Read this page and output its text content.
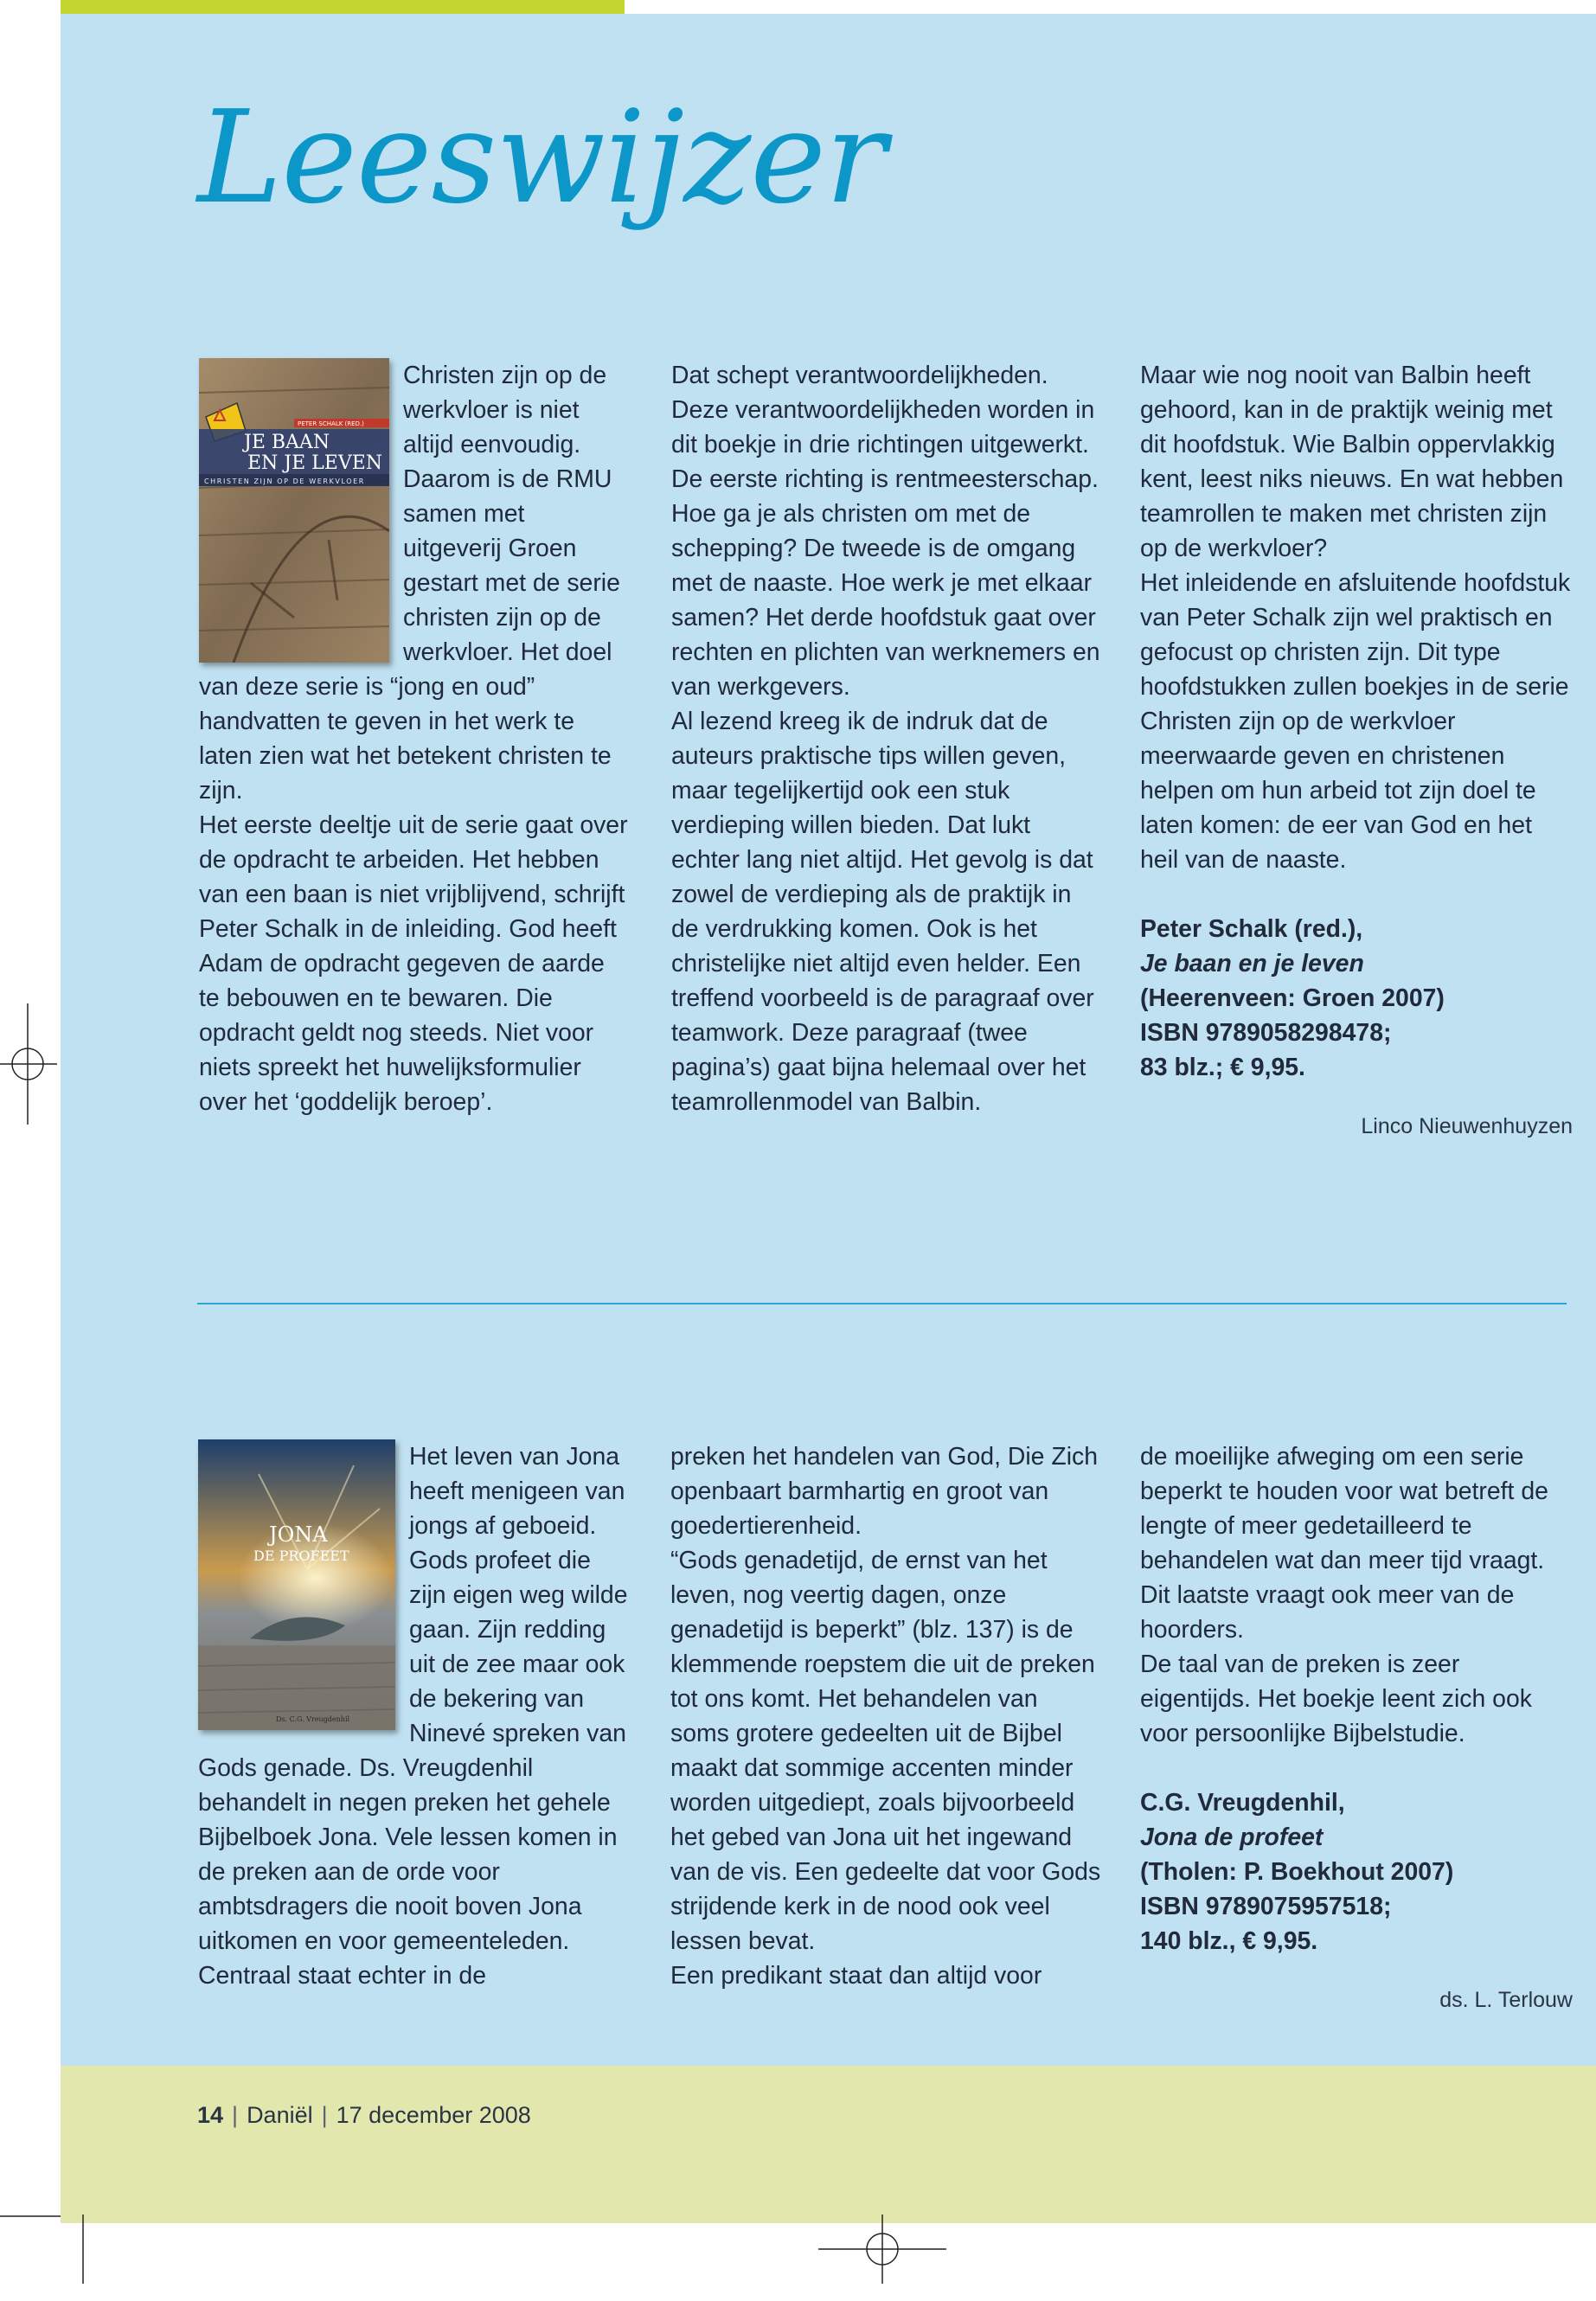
Leeswijzer
PETER SCHALK (RED.)
JE BAAN
EN JE LEVEN
CHRISTEN ZIJN OP DE WERKVLOER

Christen zijn op de werkvloer is niet altijd eenvoudig. Daarom is de RMU samen met uitgeverij Groen gestart met de serie christen zijn op de werkvloer. Het doel van deze serie is “jong en oud” handvatten te geven in het werk te laten zien wat het betekent christen te zijn.

Het eerste deeltje uit de serie gaat over de opdracht te arbeiden. Het hebben van een baan is niet vrijblijvend, schrijft Peter Schalk in de inleiding. God heeft Adam de opdracht gegeven de aarde te bebouwen en te bewaren. Die opdracht geldt nog steeds. Niet voor niets spreekt het huwelijksformulier over het ‘goddelijk beroep’.

Dat schept verantwoordelijkheden. Deze verantwoordelijkheden worden in dit boekje in drie richtingen uitgewerkt. De eerste richting is rentmeesterschap. Hoe ga je als christen om met de schepping? De tweede is de omgang met de naaste. Hoe werk je met elkaar samen? Het derde hoofdstuk gaat over rechten en plichten van werknemers en van werkgevers.

Al lezend kreeg ik de indruk dat de auteurs praktische tips willen geven, maar tegelijkertijd ook een stuk verdieping willen bieden. Dat lukt echter lang niet altijd. Het gevolg is dat zowel de verdieping als de praktijk in de verdrukking komen. Ook is het christelijke niet altijd even helder. Een treffend voorbeeld is de paragraaf over teamwork. Deze paragraaf (twee pagina’s) gaat bijna helemaal over het teamrollenmodel van Balbin.

Maar wie nog nooit van Balbin heeft gehoord, kan in de praktijk weinig met dit hoofdstuk. Wie Balbin oppervlakkig kent, leest niks nieuws. En wat hebben teamrollen te maken met christen zijn op de werkvloer?

Het inleidende en afsluitende hoofdstuk van Peter Schalk zijn wel praktisch en gefocust op christen zijn. Dit type hoofdstukken zullen boekjes in de serie Christen zijn op de werkvloer meerwaarde geven en christenen helpen om hun arbeid tot zijn doel te laten komen: de eer van God en het heil van de naaste.

Peter Schalk (red.),
Je baan en je leven
(Heerenveen: Groen 2007)
ISBN 9789058298478;
83 blz.; € 9,95.

Linco Nieuwenhuyzen

JONA
DE PROFEET
Ds. C.G. Vreugdenhil

Het leven van Jona heeft menigeen van jongs af geboeid. Gods profeet die zijn eigen weg wilde gaan. Zijn redding uit de zee maar ook de bekering van Ninevé spreken van Gods genade. Ds. Vreugdenhil behandelt in negen preken het gehele Bijbelboek Jona. Vele lessen komen in de preken aan de orde voor ambtsdragers die nooit boven Jona uitkomen en voor gemeenteleden. Centraal staat echter in de

preken het handelen van God, Die Zich openbaart barmhartig en groot van goedertierenheid.

“Gods genadetijd, de ernst van het leven, nog veertig dagen, onze genadetijd is beperkt” (blz. 137) is de klemmende roepstem die uit de preken tot ons komt. Het behandelen van soms grotere gedeelten uit de Bijbel maakt dat sommige accenten minder worden uitgediept, zoals bijvoorbeeld het gebed van Jona uit het ingewand van de vis. Een gedeelte dat voor Gods strijdende kerk in de nood ook veel lessen bevat.

Een predikant staat dan altijd voor

de moeilijke afweging om een serie beperkt te houden voor wat betreft de lengte of meer gedetailleerd te behandelen wat dan meer tijd vraagt. Dit laatste vraagt ook meer van de hoorders.

De taal van de preken is zeer eigentijds. Het boekje leent zich ook voor persoonlijke Bijbelstudie.

C.G. Vreugdenhil,
Jona de profeet
(Tholen: P. Boekhout 2007)
ISBN 9789075957518;
140 blz., € 9,95.

ds. L. Terlouw

14 | Daniël | 17 december 2008
